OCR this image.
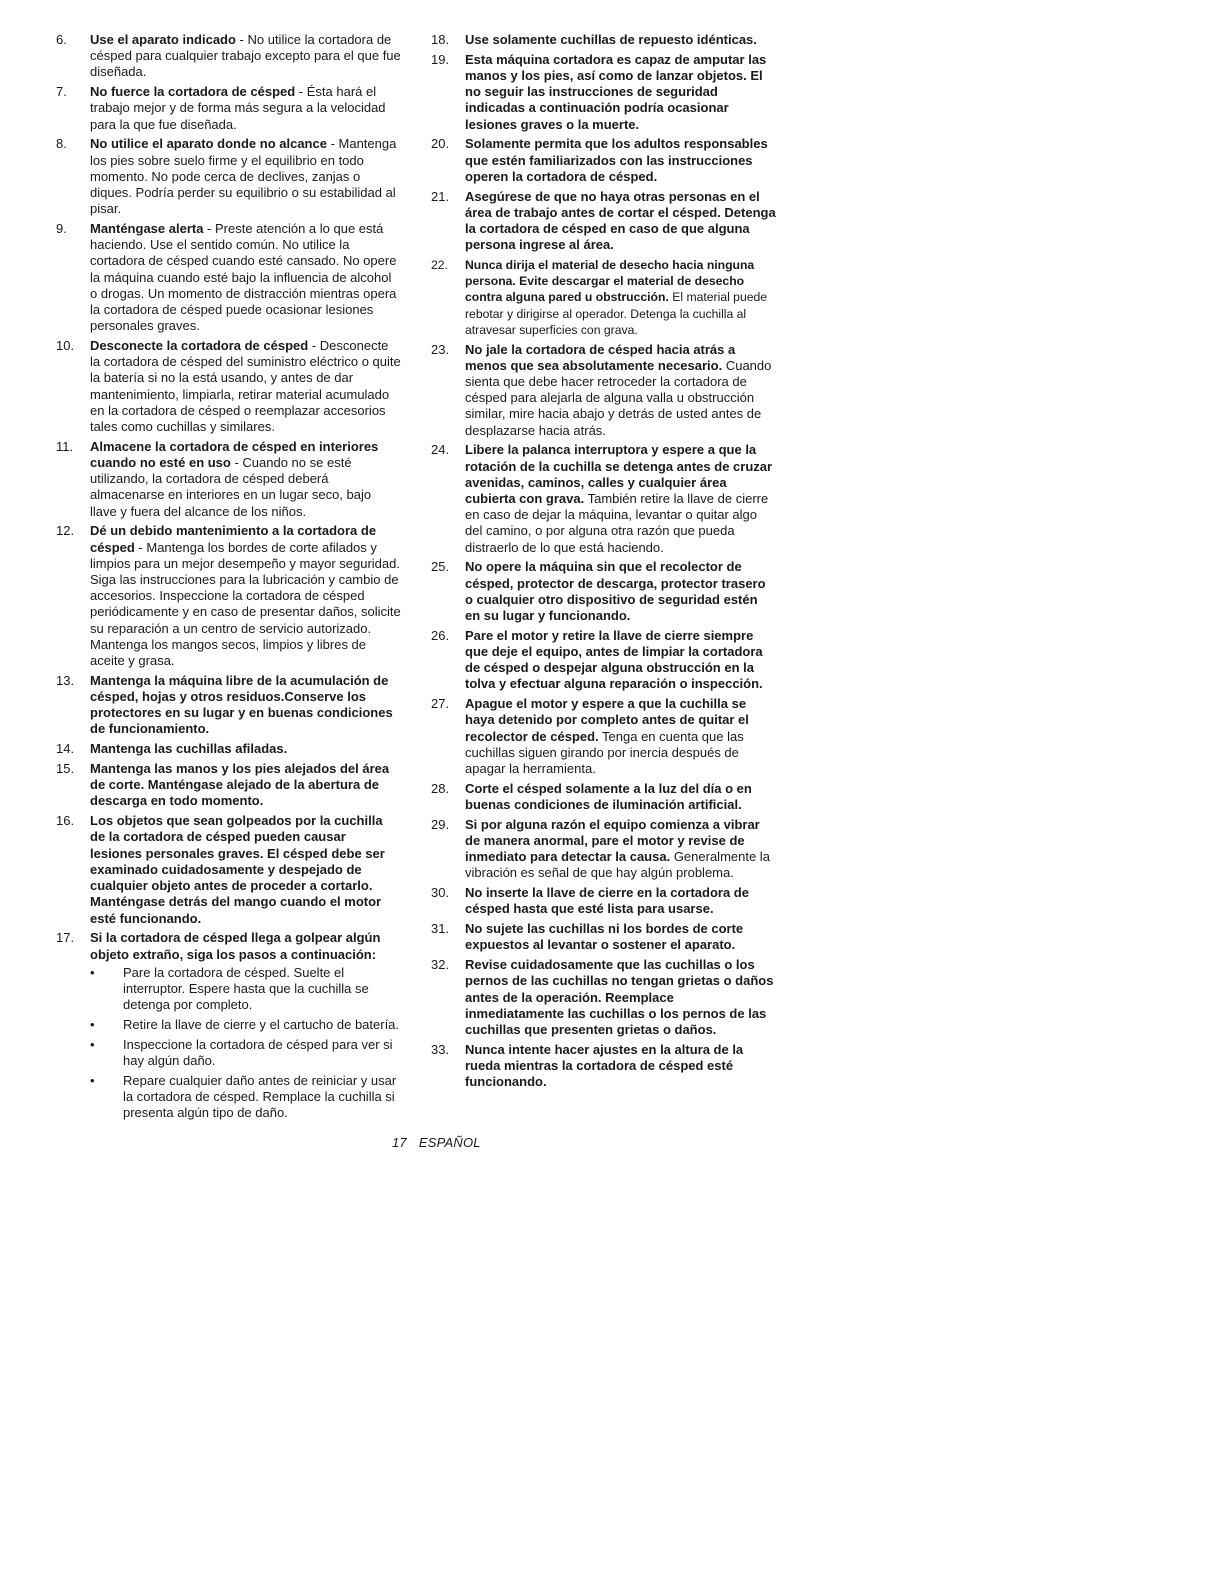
6.	Use el aparato indicado - No utilice la cortadora de césped para cualquier trabajo excepto para el que fue diseñada.
7.	No fuerce la cortadora de césped - Ésta hará el trabajo mejor y de forma más segura a la velocidad para la que fue diseñada.
8.	No utilice el aparato donde no alcance - Mantenga los pies sobre suelo firme y el equilibrio en todo momento. No pode cerca de declives, zanjas o diques. Podría perder su equilibrio o su estabilidad al pisar.
9.	Manténgase alerta - Preste atención a lo que está haciendo. Use el sentido común. No utilice la cortadora de césped cuando esté cansado. No opere la máquina cuando esté bajo la influencia de alcohol o drogas. Un momento de distracción mientras opera la cortadora de césped puede ocasionar lesiones personales graves.
10.	Desconecte la cortadora de césped - Desconecte la cortadora de césped del suministro eléctrico o quite la batería si no la está usando, y antes de dar mantenimiento, limpiarla, retirar material acumulado en la cortadora de césped o reemplazar accesorios tales como cuchillas y similares.
11.	Almacene la cortadora de césped en interiores cuando no esté en uso - Cuando no se esté utilizando, la cortadora de césped deberá almacenarse en interiores en un lugar seco, bajo llave y fuera del alcance de los niños.
12.	Dé un debido mantenimiento a la cortadora de césped - Mantenga los bordes de corte afilados y limpios para un mejor desempeño y mayor seguridad. Siga las instrucciones para la lubricación y cambio de accesorios. Inspeccione la cortadora de césped periódicamente y en caso de presentar daños, solicite su reparación a un centro de servicio autorizado. Mantenga los mangos secos, limpios y libres de aceite y grasa.
13.	Mantenga la máquina libre de la acumulación de césped, hojas y otros residuos.Conserve los protectores en su lugar y en buenas condiciones de funcionamiento.
14.	Mantenga las cuchillas afiladas.
15.	Mantenga las manos y los pies alejados del área de corte. Manténgase alejado de la abertura de descarga en todo momento.
16.	Los objetos que sean golpeados por la cuchilla de la cortadora de césped pueden causar lesiones personales graves. El césped debe ser examinado cuidadosamente y despejado de cualquier objeto antes de proceder a cortarlo. Manténgase detrás del mango cuando el motor esté funcionando.
17.	Si la cortadora de césped llega a golpear algún objeto extraño, siga los pasos a continuación:
•	Pare la cortadora de césped. Suelte el interruptor. Espere hasta que la cuchilla se detenga por completo.
•	Retire la llave de cierre y el cartucho de batería.
•	Inspeccione la cortadora de césped para ver si hay algún daño.
•	Repare cualquier daño antes de reiniciar y usar la cortadora de césped. Remplace la cuchilla si presenta algún tipo de daño.
18.	Use solamente cuchillas de repuesto idénticas.
19.	Esta máquina cortadora es capaz de amputar las manos y los pies, así como de lanzar objetos. El no seguir las instrucciones de seguridad indicadas a continuación podría ocasionar lesiones graves o la muerte.
20.	Solamente permita que los adultos responsables que estén familiarizados con las instrucciones operen la cortadora de césped.
21.	Asegúrese de que no haya otras personas en el área de trabajo antes de cortar el césped. Detenga la cortadora de césped en caso de que alguna persona ingrese al área.
22.	Nunca dirija el material de desecho hacia ninguna persona. Evite descargar el material de desecho contra alguna pared u obstrucción. El material puede rebotar y dirigirse al operador. Detenga la cuchilla al atravesar superficies con grava.
23.	No jale la cortadora de césped hacia atrás a menos que sea absolutamente necesario. Cuando sienta que debe hacer retroceder la cortadora de césped para alejarla de alguna valla u obstrucción similar, mire hacia abajo y detrás de usted antes de desplazarse hacia atrás.
24.	Libere la palanca interruptora y espere a que la rotación de la cuchilla se detenga antes de cruzar avenidas, caminos, calles y cualquier área cubierta con grava. También retire la llave de cierre en caso de dejar la máquina, levantar o quitar algo del camino, o por alguna otra razón que pueda distraerlo de lo que está haciendo.
25.	No opere la máquina sin que el recolector de césped, protector de descarga, protector trasero o cualquier otro dispositivo de seguridad estén en su lugar y funcionando.
26.	Pare el motor y retire la llave de cierre siempre que deje el equipo, antes de limpiar la cortadora de césped o despejar alguna obstrucción en la tolva y efectuar alguna reparación o inspección.
27.	Apague el motor y espere a que la cuchilla se haya detenido por completo antes de quitar el recolector de césped. Tenga en cuenta que las cuchillas siguen girando por inercia después de apagar la herramienta.
28.	Corte el césped solamente a la luz del día o en buenas condiciones de iluminación artificial.
29.	Si por alguna razón el equipo comienza a vibrar de manera anormal, pare el motor y revise de inmediato para detectar la causa. Generalmente la vibración es señal de que hay algún problema.
30.	No inserte la llave de cierre en la cortadora de césped hasta que esté lista para usarse.
31.	No sujete las cuchillas ni los bordes de corte expuestos al levantar o sostener el aparato.
32.	Revise cuidadosamente que las cuchillas o los pernos de las cuchillas no tengan grietas o daños antes de la operación. Reemplace inmediatamente las cuchillas o los pernos de las cuchillas que presenten grietas o daños.
33.	Nunca intente hacer ajustes en la altura de la rueda mientras la cortadora de césped esté funcionando.
17 ESPAÑOL
